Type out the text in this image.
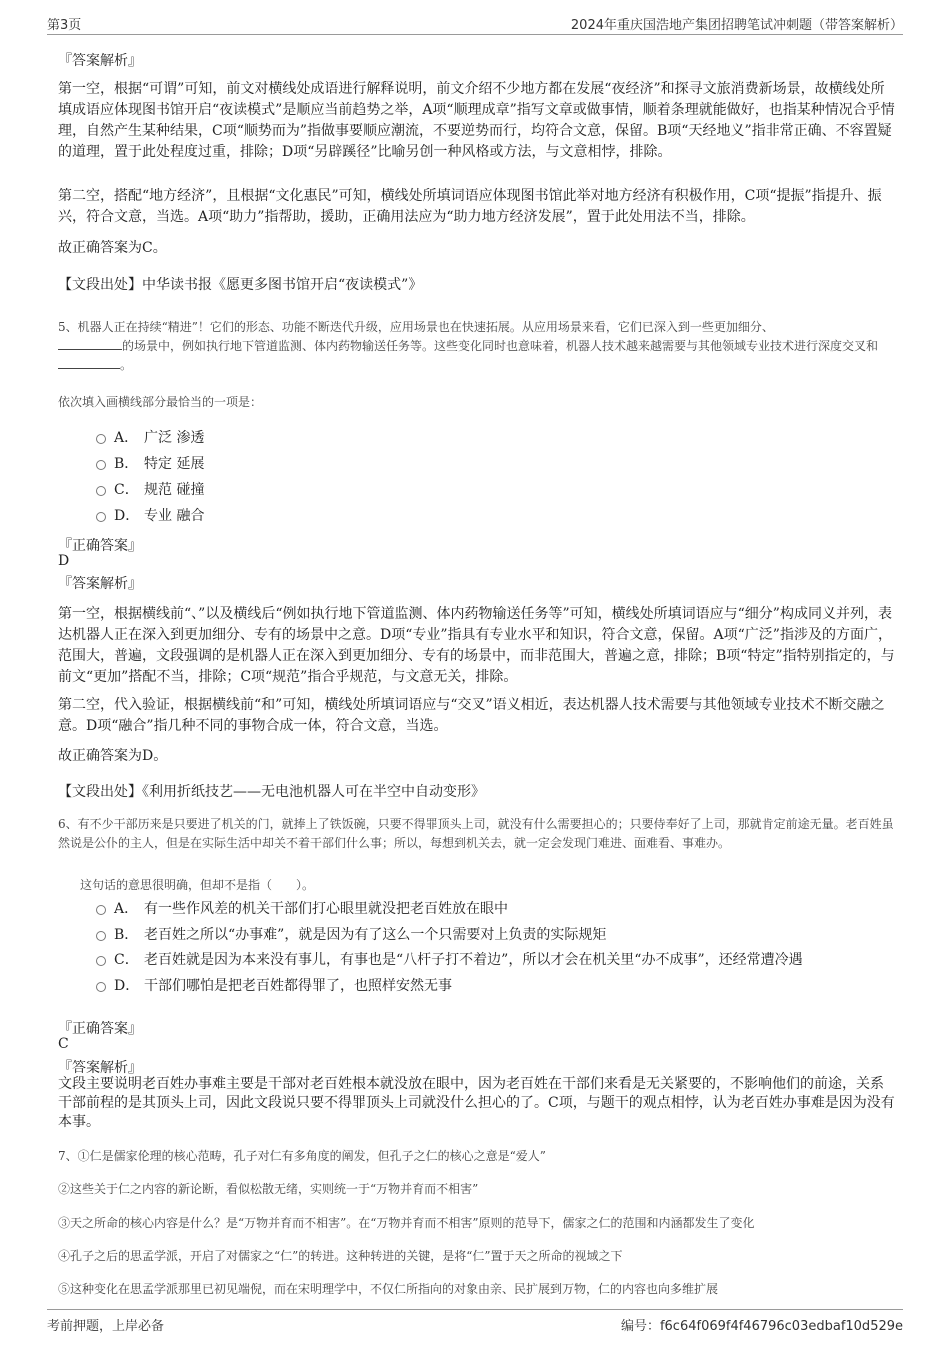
第3页	2024年重庆国浩地产集团招聘笔试冲刺题（带答案解析）
『答案解析』

第一空，根据“可谓”可知，前文对横线处成语进行解释说明，前文介绍不少地方都在发展“夜经济”和探寻文旅消费新场景，故横线处所填成语应体现图书馆开启“夜读模式”是顺应当前趋势之举，A项“顺理成章”指写文章或做事情，顺着条理就能做好，也指某种情况合乎情理，自然产生某种结果，C项“顺势而为”指做事要顺应潮流，不要逆势而行，均符合文意，保留。B项“天经地义”指非常正确、不容置疑的道理，置于此处程度过重，排除；D项“另辟蹊径”比喻另创一种风格或方法，与文意相悖，排除。

第二空，搭配“地方经济”，且根据“文化惠民”可知，横线处所填词语应体现图书馆此举对地方经济有积极作用，C项“提振”指提升、振兴，符合文意，当选。A项“助力”指帮助，援助，正确用法应为“助力地方经济发展”，置于此处用法不当，排除。

故正确答案为C。
【文段出处】中华读书报《愿更多图书馆开启“夜读模式”》

5、机器人正在持续“精进”！它们的形态、功能不断迭代升级，应用场景也在快速拓展。从应用场景来看，它们已深入到一些更加细分、
的场景中，例如执行地下管道监测、体内药物输送任务等。这些变化同时也意味着，机器人技术越来越需要与其他领域专业技术进行深度交叉和。

依次填入画横线部分最恰当的一项是：
A． 广泛 渗透
B． 特定 延展
C． 规范 碰撞
D． 专业 融合
『正确答案』
D
『答案解析』

第一空，根据横线前“、”以及横线后“例如执行地下管道监测、体内药物输送任务等”可知，横线处所填词语应与“细分”构成同义并列，表达机器人正在深入到更加细分、专有的场景中之意。D项“专业”指具有专业水平和知识，符合文意，保留。A项“广泛”指涉及的方面广，范围大，普遍，文段强调的是机器人正在深入到更加细分、专有的场景中，而非范围大，普遍之意，排除；B项“特定”指特别指定的，与前文“更加”搭配不当，排除；C项“规范”指合乎规范，与文意无关，排除。

第二空，代入验证，根据横线前“和”可知，横线处所填词语应与“交叉”语义相近，表达机器人技术需要与其他领域专业技术不断交融之意。D项“融合”指几种不同的事物合成一体，符合文意，当选。

故正确答案为D。
【文段出处】《利用折纸技艺——无电池机器人可在半空中自动变形》

6、有不少干部历来是只要进了机关的门，就捧上了铁饭碗，只要不得罪顶头上司，就没有什么需要担心的；只要侍奉好了上司，那就肯定前途无量。老百姓虽然说是公仆的主人，但是在实际生活中却关不着干部们什么事；所以，每想到机关去，就一定会发现门难进、面难看、事难办。

这句话的意思很明确，但却不是指（　　）。
A． 有一些作风差的机关干部们打心眼里就没把老百姓放在眼中
B． 老百姓之所以“办事难”，就是因为有了这么一个只需要对上负责的实际规矩
C． 老百姓就是因为本来没有事儿，有事也是“八杆子打不着边”，所以才会在机关里“办不成事”，还经常遭冷遇
D． 干部们哪怕是把老百姓都得罪了，也照样安然无事
『正确答案』
C
『答案解析』

文段主要说明老百姓办事难主要是干部对老百姓根本就没放在眼中，因为老百姓在干部们来看是无关紧要的，不影响他们的前途，关系干部前程的是其顶头上司，因此文段说只要不得罪顶头上司就没什么担心的了。C项，与题干的观点相悖，认为老百姓办事难是因为没有本事。

7、①仁是儒家伦理的核心范畴，孔子对仁有多角度的阐发，但孔子之仁的核心之意是“爱人”
②这些关于仁之内容的新论断，看似松散无绪，实则统一于“万物并育而不相害”
③天之所命的核心内容是什么？是“万物并育而不相害”。在“万物并育而不相害”原则的范导下，儒家之仁的范围和内涵都发生了变化
④孔子之后的思孟学派，开启了对儒家之“仁”的转进。这种转进的关键，是将“仁”置于天之所命的视域之下
⑤这种变化在思孟学派那里已初见端倪，而在宋明理学中，不仅仁所指向的对象由亲、民扩展到万物，仁的内容也向多维扩展
考前押题，上岸必备	编号：f6c64f069f4f46796c03edbaf10d529e
